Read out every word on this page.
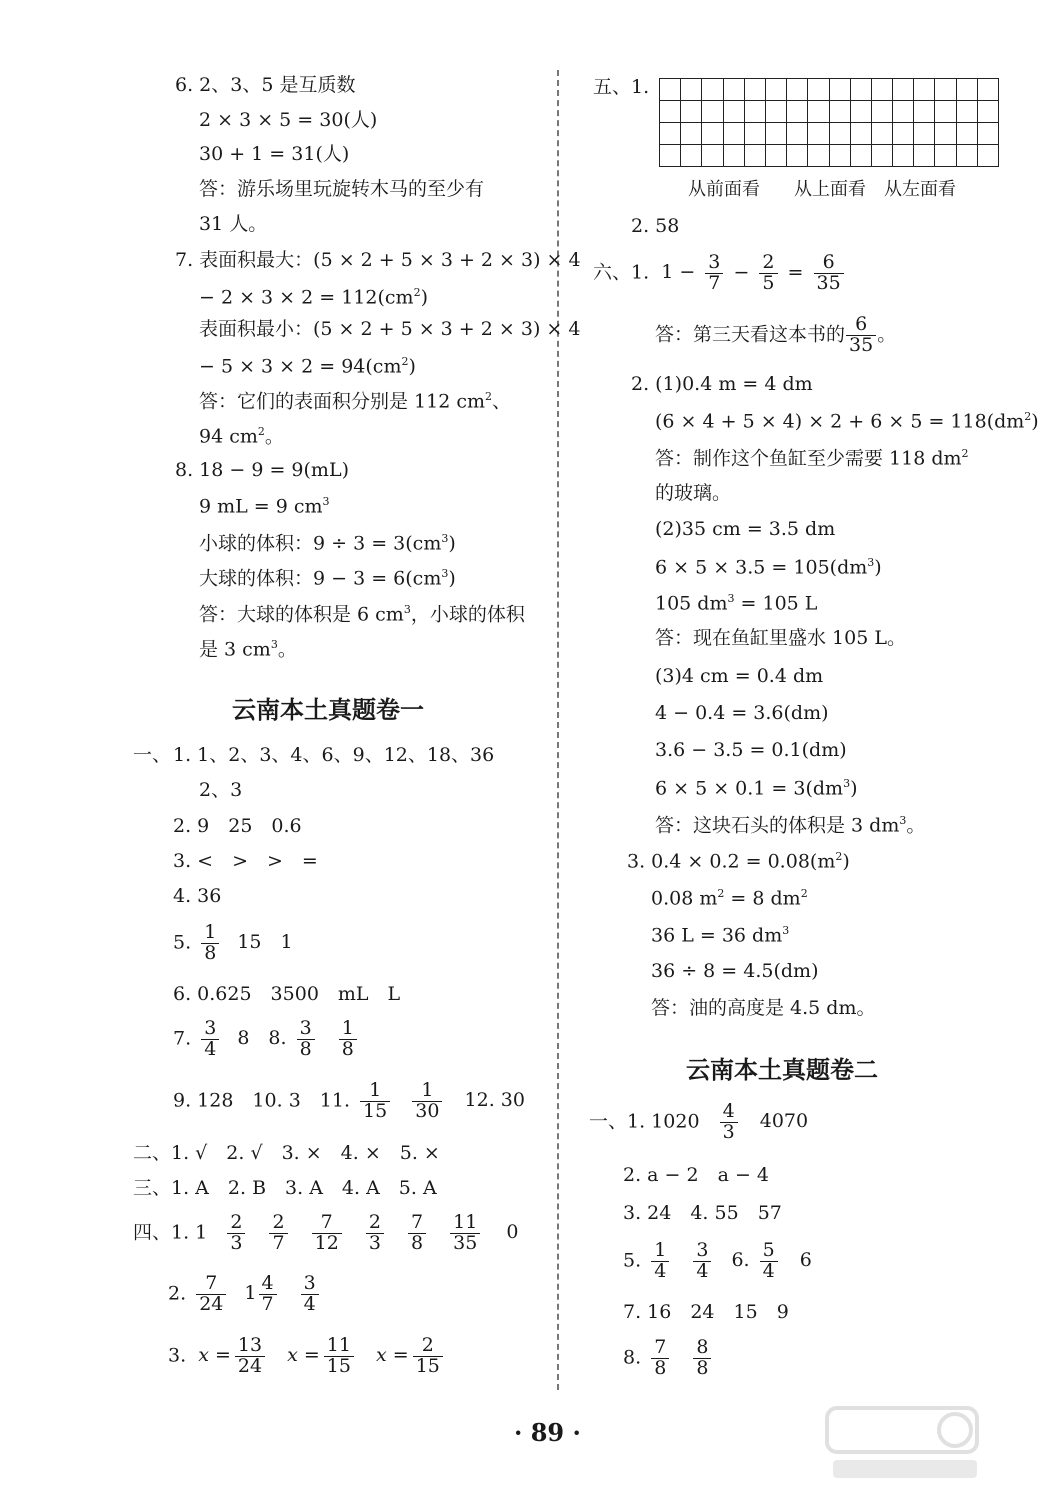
6. 2、3、5 是互质数
2 × 3 × 5 = 30(人)
30 + 1 = 31(人)
答：游乐场里玩旋转木马的至少有
31 人。
7. 表面积最大：(5 × 2 + 5 × 3 + 2 × 3) × 4
− $2 \times 3 \times 2 = 112(cm^2)$
表面积最小：(5 × 2 + 5 × 3 + 2 × 3) × 4
− $5 \times 3 \times 2 = 94(cm^2)$
答：它们的表面积分别是 112 $cm^2$、
94 $cm^2$。
8. 18 − 9 = 9(mL)
9 mL = 9 $cm^3$
小球的体积：$9 \div 3 = 3(cm^3)$
大球的体积：$9 - 3 = 6(cm^3)$
答：大球的体积是 6 $cm^3$，小球的体积
是 3 $cm^3$。
云南本土真题卷一
一、 1. 1、2、3、4、6、9、12、18、36
2、3
2. 9　25　0.6
3. <　>　>　=
4. 36
5. $\frac{1}{8} 15$　1
6. 0.625　3500　mL　L
7. $\frac{3}{4} 8$　8. $\frac{3}{8}$
$\frac{1}{8}$
9. 128　10. 3　11. $\frac{1}{15}$
$\frac{1}{30} 12$. 30
二、1. √　2. √　3. ×　4. ×　5. ×
三、1. A　2. B　3. A　4. A　5. A
四、1. $1 \frac{2}{3}$
$\frac{2}{7}$
$\frac{7}{12}$
$\frac{2}{3}$
$\frac{7}{8}$
$\frac{11}{35} 0$
2. $\frac{7}{24} 1 \frac{4}{7}$
$\frac{3}{4}$
3. $x = \frac{13}{24}$ $x = \frac{11}{15}$ $x = \frac{2}{15}$
五、1.

从前面看 从上面看 从左面看
2. 58
六、1. $1 - \frac{3}{7} - \frac{2}{5} = \frac{6}{35}$
答：第三天看这本书的 $\frac{6}{35}$ 。
2. (1)0.4 m = 4 dm
$(6 \times 4 + 5 \times 4) \times 2 + 6 \times 5 = 118(dm^2)$
答：制作这个鱼缸至少需要 118 $dm^2$
的玻璃。
(2)35 cm = 3.5 dm
$6 \times 5 \times 3.5 = 105(dm^3)$
105 $dm^3 = 105$ L
答：现在鱼缸里盛水 105 L。
(3)4 cm = 0.4 dm
4 − 0.4 = 3.6(dm)
3.6 − 3.5 = 0.1(dm)
$6 \times 5 \times 0.1 = 3(dm^3)$
答：这块石头的体积是 3 $dm^3$。
3. $0.4 \times 0.2 = 0.08(m^2)$
0.08 $m^2 = 8$ $dm^2$
36 L = 36 $dm^3$
36 ÷ 8 = 4.5(dm)
答：油的高度是 4.5 dm。
云南本土真题卷二
一、1. $1020 \frac{4}{3} 4070$
2. a − 2　a − 4
3. 24　4. 55　57
5. $\frac{1}{4}$
$\frac{3}{4} 6$. $\frac{5}{4} 6$
7. 16　24　15　9
8. $\frac{7}{8}$
$\frac{8}{8}$
· 89 ·
